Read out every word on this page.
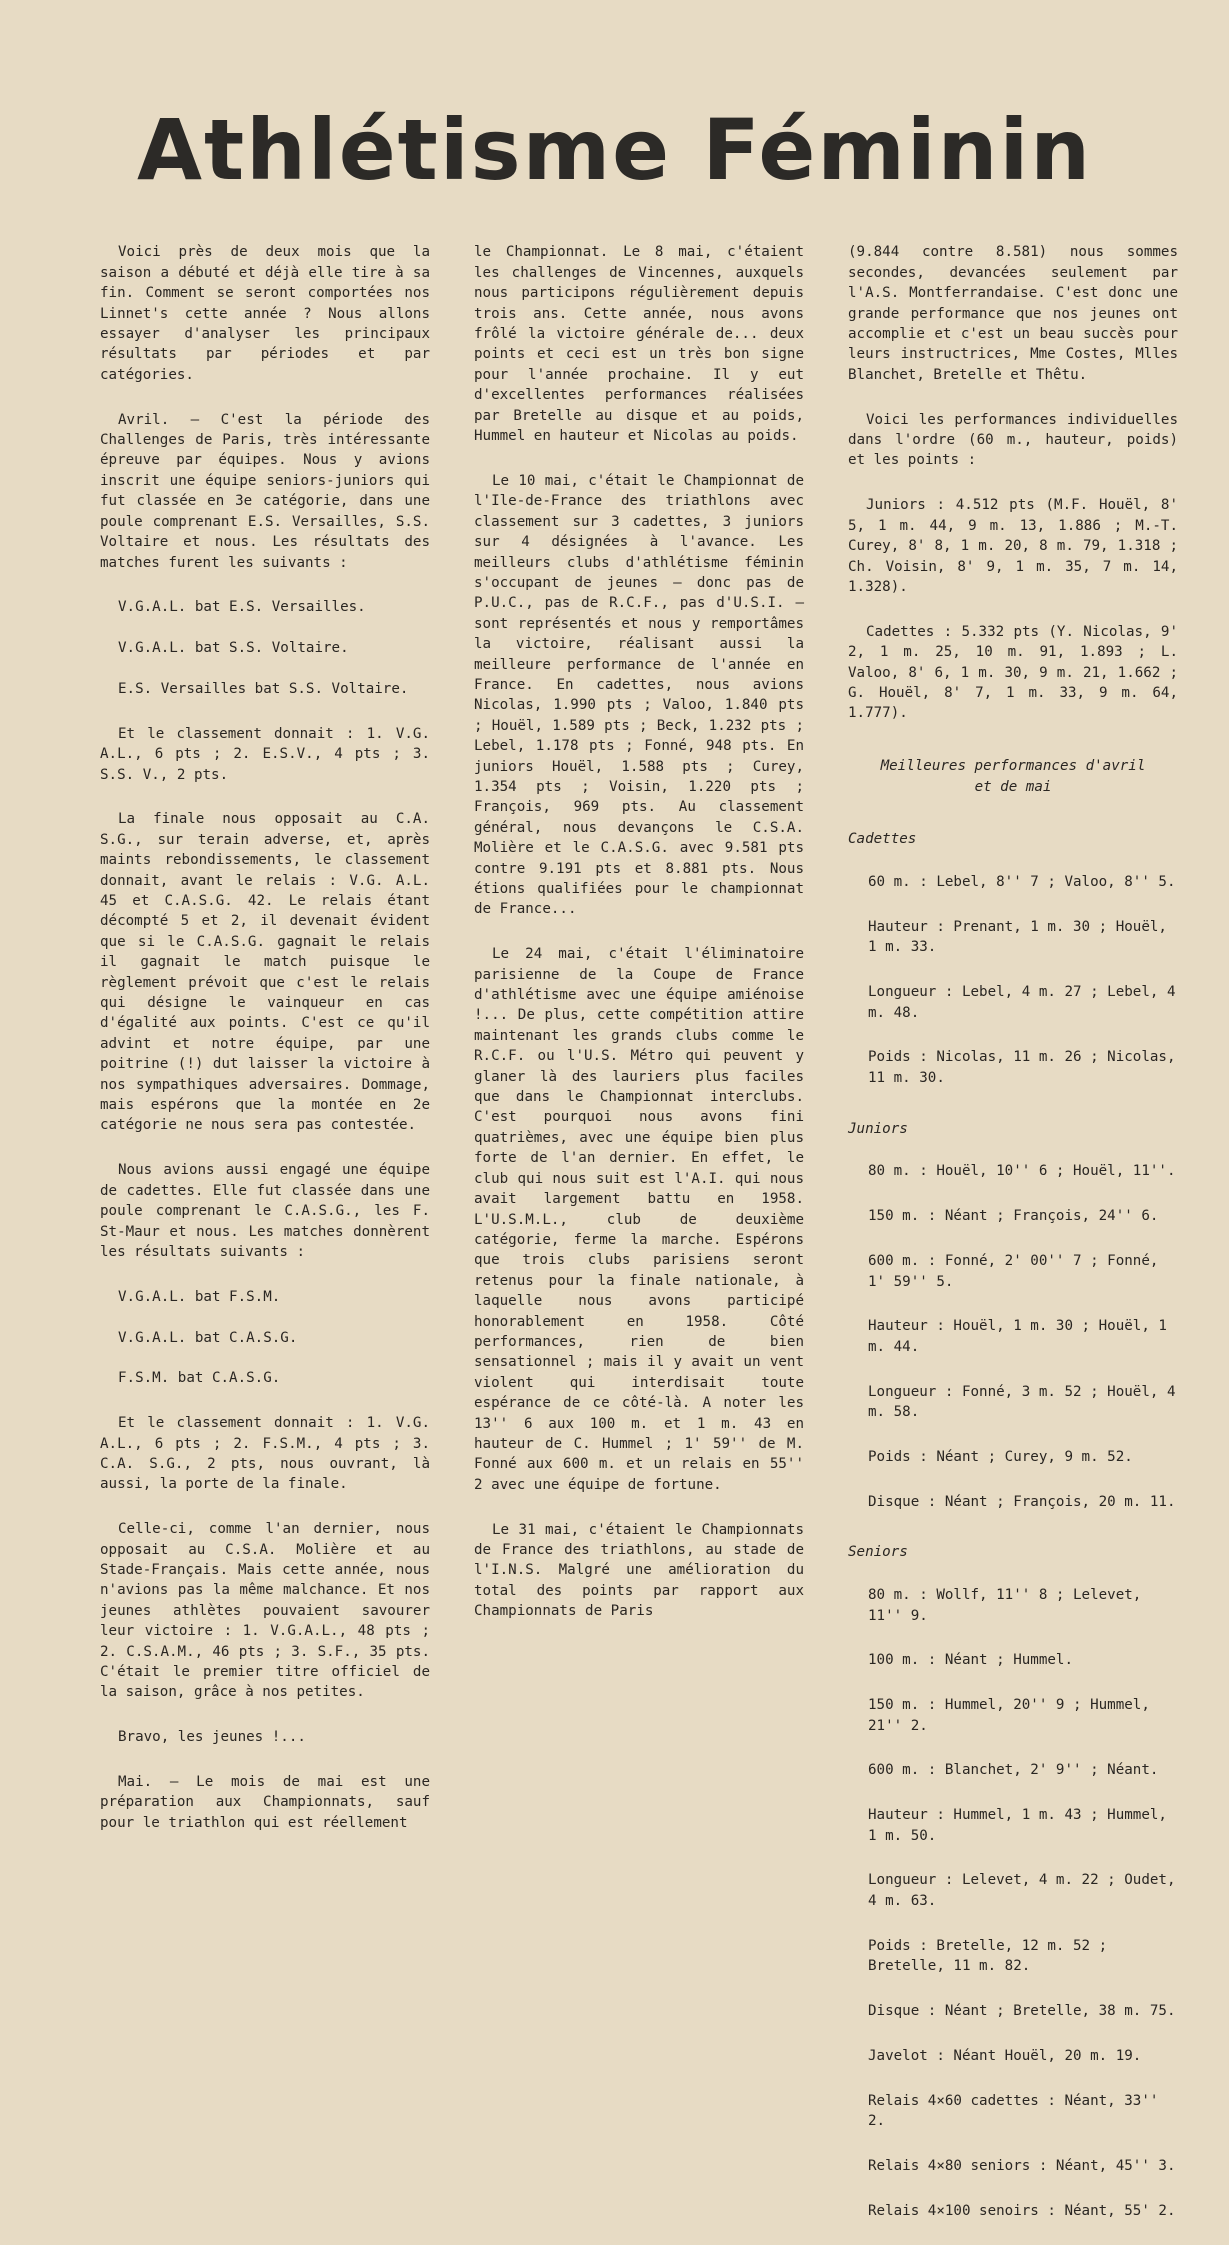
Athlétisme Féminin

Voici près de deux mois que la saison a débuté et déjà elle tire à sa fin. Comment se seront comportées nos Linnet's cette année ? Nous allons essayer d'analyser les principaux résultats par périodes et par catégories.

Avril. — C'est la période des Challenges de Paris, très intéressante épreuve par équipes. Nous y avions inscrit une équipe seniors-juniors qui fut classée en 3e catégorie, dans une poule comprenant E.S. Versailles, S.S. Voltaire et nous. Les résultats des matches furent les suivants :

V.G.A.L. bat E.S. Versailles.

V.G.A.L. bat S.S. Voltaire.

E.S. Versailles bat S.S. Voltaire.

Et le classement donnait : 1. V.G. A.L., 6 pts ; 2. E.S.V., 4 pts ; 3. S.S. V., 2 pts.

La finale nous opposait au C.A. S.G., sur terain adverse, et, après maints rebondissements, le classement donnait, avant le relais : V.G. A.L. 45 et C.A.S.G. 42. Le relais étant décompté 5 et 2, il devenait évident que si le C.A.S.G. gagnait le relais il gagnait le match puisque le règlement prévoit que c'est le relais qui désigne le vainqueur en cas d'égalité aux points. C'est ce qu'il advint et notre équipe, par une poitrine (!) dut laisser la victoire à nos sympathiques adversaires. Dommage, mais espérons que la montée en 2e catégorie ne nous sera pas contestée.

Nous avions aussi engagé une équipe de cadettes. Elle fut classée dans une poule comprenant le C.A.S.G., les F. St-Maur et nous. Les matches donnèrent les résultats suivants :

V.G.A.L. bat F.S.M.

V.G.A.L. bat C.A.S.G.

F.S.M. bat C.A.S.G.

Et le classement donnait : 1. V.G. A.L., 6 pts ; 2. F.S.M., 4 pts ; 3. C.A. S.G., 2 pts, nous ouvrant, là aussi, la porte de la finale.

Celle-ci, comme l'an dernier, nous opposait au C.S.A. Molière et au Stade-Français. Mais cette année, nous n'avions pas la même malchance. Et nos jeunes athlètes pouvaient savourer leur victoire : 1. V.G.A.L., 48 pts ; 2. C.S.A.M., 46 pts ; 3. S.F., 35 pts. C'était le premier titre officiel de la saison, grâce à nos petites.

Bravo, les jeunes !...

Mai. — Le mois de mai est une préparation aux Championnats, sauf pour le triathlon qui est réellement

le Championnat. Le 8 mai, c'étaient les challenges de Vincennes, auxquels nous participons régulièrement depuis trois ans. Cette année, nous avons frôlé la victoire générale de... deux points et ceci est un très bon signe pour l'année prochaine. Il y eut d'excellentes performances réalisées par Bretelle au disque et au poids, Hummel en hauteur et Nicolas au poids.

Le 10 mai, c'était le Championnat de l'Ile-de-France des triathlons avec classement sur 3 cadettes, 3 juniors sur 4 désignées à l'avance. Les meilleurs clubs d'athlétisme féminin s'occupant de jeunes — donc pas de P.U.C., pas de R.C.F., pas d'U.S.I. — sont représentés et nous y remportâmes la victoire, réalisant aussi la meilleure performance de l'année en France. En cadettes, nous avions Nicolas, 1.990 pts ; Valoo, 1.840 pts ; Houël, 1.589 pts ; Beck, 1.232 pts ; Lebel, 1.178 pts ; Fonné, 948 pts. En juniors Houël, 1.588 pts ; Curey, 1.354 pts ; Voisin, 1.220 pts ; François, 969 pts. Au classement général, nous devançons le C.S.A. Molière et le C.A.S.G. avec 9.581 pts contre 9.191 pts et 8.881 pts. Nous étions qualifiées pour le championnat de France...

Le 24 mai, c'était l'éliminatoire parisienne de la Coupe de France d'athlétisme avec une équipe amiénoise !... De plus, cette compétition attire maintenant les grands clubs comme le R.C.F. ou l'U.S. Métro qui peuvent y glaner là des lauriers plus faciles que dans le Championnat interclubs. C'est pourquoi nous avons fini quatrièmes, avec une équipe bien plus forte de l'an dernier. En effet, le club qui nous suit est l'A.I. qui nous avait largement battu en 1958. L'U.S.M.L., club de deuxième catégorie, ferme la marche. Espérons que trois clubs parisiens seront retenus pour la finale nationale, à laquelle nous avons participé honorablement en 1958. Côté performances, rien de bien sensationnel ; mais il y avait un vent violent qui interdisait toute espérance de ce côté-là. A noter les 13'' 6 aux 100 m. et 1 m. 43 en hauteur de C. Hummel ; 1' 59'' de M. Fonné aux 600 m. et un relais en 55'' 2 avec une équipe de fortune.

Le 31 mai, c'étaient le Championnats de France des triathlons, au stade de l'I.N.S. Malgré une amélioration du total des points par rapport aux Championnats de Paris

(9.844 contre 8.581) nous sommes secondes, devancées seulement par l'A.S. Montferrandaise. C'est donc une grande performance que nos jeunes ont accomplie et c'est un beau succès pour leurs instructrices, Mme Costes, Mlles Blanchet, Bretelle et Thêtu.

Voici les performances individuelles dans l'ordre (60 m., hauteur, poids) et les points :

Juniors : 4.512 pts (M.F. Houël, 8' 5, 1 m. 44, 9 m. 13, 1.886 ; M.-T. Curey, 8' 8, 1 m. 20, 8 m. 79, 1.318 ; Ch. Voisin, 8' 9, 1 m. 35, 7 m. 14, 1.328).

Cadettes : 5.332 pts (Y. Nicolas, 9' 2, 1 m. 25, 10 m. 91, 1.893 ; L. Valoo, 8' 6, 1 m. 30, 9 m. 21, 1.662 ; G. Houël, 8' 7, 1 m. 33, 9 m. 64, 1.777).

Meilleures performances d'avril
et de mai

Cadettes

60 m. : Lebel, 8'' 7 ; Valoo, 8'' 5.

Hauteur : Prenant, 1 m. 30 ; Houël, 1 m. 33.

Longueur : Lebel, 4 m. 27 ; Lebel, 4 m. 48.

Poids : Nicolas, 11 m. 26 ; Nicolas, 11 m. 30.

Juniors

80 m. : Houël, 10'' 6 ; Houël, 11''.

150 m. : Néant ; François, 24'' 6.

600 m. : Fonné, 2' 00'' 7 ; Fonné, 1' 59'' 5.

Hauteur : Houël, 1 m. 30 ; Houël, 1 m. 44.

Longueur : Fonné, 3 m. 52 ; Houël, 4 m. 58.

Poids : Néant ; Curey, 9 m. 52.

Disque : Néant ; François, 20 m. 11.

Seniors

80 m. : Wollf, 11'' 8 ; Lelevet, 11'' 9.

100 m. : Néant ; Hummel.

150 m. : Hummel, 20'' 9 ; Hummel, 21'' 2.

600 m. : Blanchet, 2' 9'' ; Néant.

Hauteur : Hummel, 1 m. 43 ; Hummel, 1 m. 50.

Longueur : Lelevet, 4 m. 22 ; Oudet, 4 m. 63.

Poids : Bretelle, 12 m. 52 ; Bretelle, 11 m. 82.

Disque : Néant ; Bretelle, 38 m. 75.

Javelot : Néant Houël, 20 m. 19.

Relais 4×60 cadettes : Néant, 33'' 2.

Relais 4×80 seniors : Néant, 45'' 3.

Relais 4×100 senoirs : Néant, 55' 2.
